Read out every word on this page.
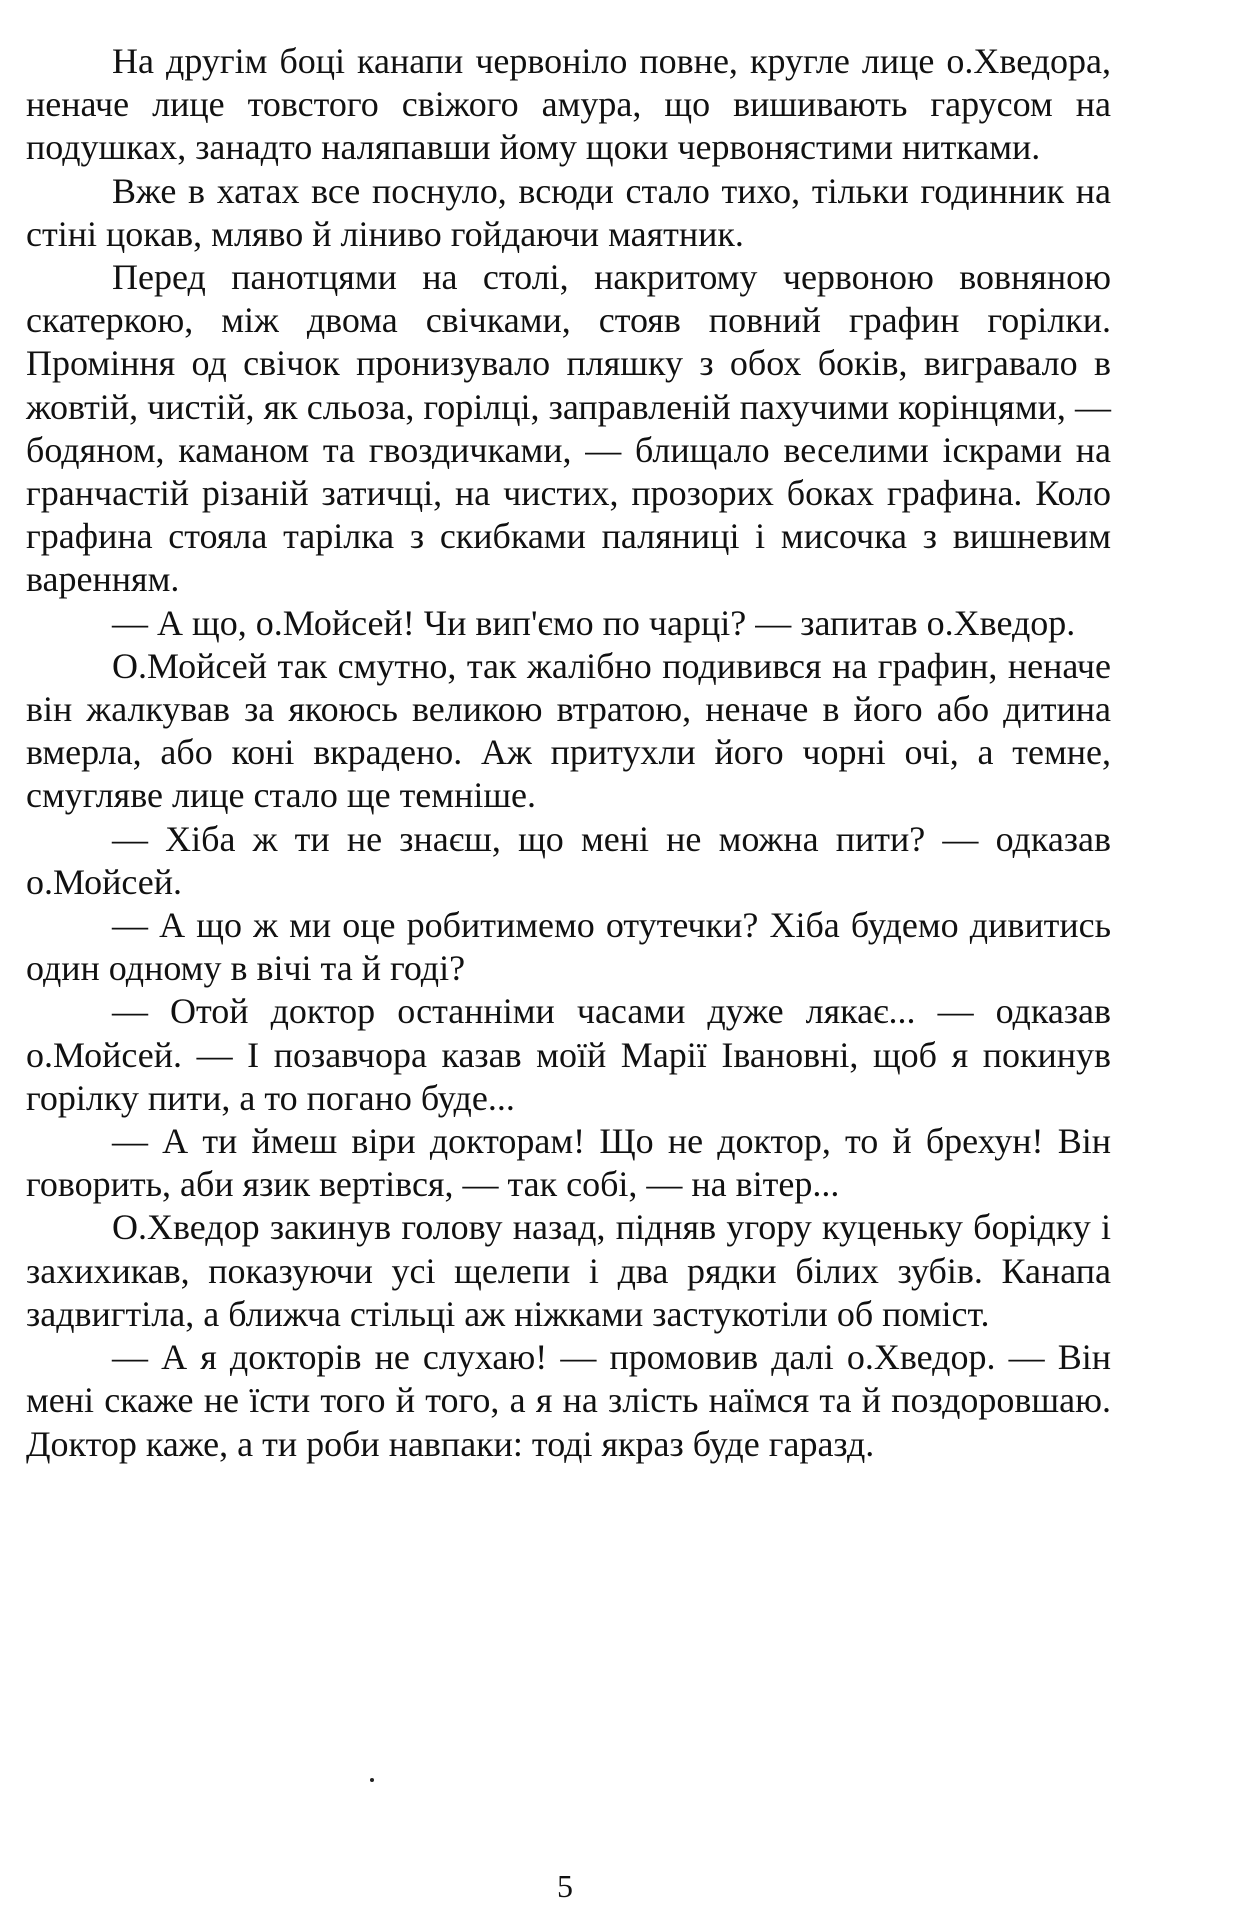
На другім боці канапи червоніло повне, кругле лице о.Хведора, неначе лице товстого свіжого амура, що вишивають гарусом на подушках, занадто наляпавши йому щоки червонястими нитками.

Вже в хатах все поснуло, всюди стало тихо, тільки годинник на стіні цокав, мляво й ліниво гойдаючи маятник.

Перед панотцями на столі, накритому червоною вовняною скатеркою, між двома свічками, стояв повний графин горілки. Проміння од свічок пронизувало пляшку з обох боків, вигравало в жовтій, чистій, як сльоза, горілці, заправленій пахучими корінцями, — бодяном, каманом та гвоздичками, — блищало веселими іскрами на гранчастій різаній затичці, на чистих, прозорих боках графина. Коло графина стояла тарілка з скибками паляниці і мисочка з вишневим варенням.

— А що, о.Мойсей! Чи вип'ємо по чарці? — запитав о.Хведор.

О.Мойсей так смутно, так жалібно подивився на графин, неначе він жалкував за якоюсь великою втратою, неначе в його або дитина вмерла, або коні вкрадено. Аж притухли його чорні очі, а темне, смугляве лице стало ще темніше.

— Хіба ж ти не знаєш, що мені не можна пити? — одказав о.Мойсей.

— А що ж ми оце робитимемо отутечки? Хіба будемо дивитись один одному в вічі та й годі?

— Отой доктор останніми часами дуже лякає... — одказав о.Мойсей. — І позавчора казав моїй Марії Івановні, щоб я покинув горілку пити, а то погано буде...

— А ти ймеш віри докторам! Що не доктор, то й брехун! Він говорить, аби язик вертівся, — так собі, — на вітер...

О.Хведор закинув голову назад, підняв угору куценьку борідку і захихикав, показуючи усі щелепи і два рядки білих зубів. Канапа задвигтіла, а ближча стільці аж ніжками застукотіли об поміст.

— А я докторів не слухаю! — промовив далі о.Хведор. — Він мені скаже не їсти того й того, а я на злість наїмся та й поздоровшаю. Доктор каже, а ти роби навпаки: тоді якраз буде гаразд.

5
